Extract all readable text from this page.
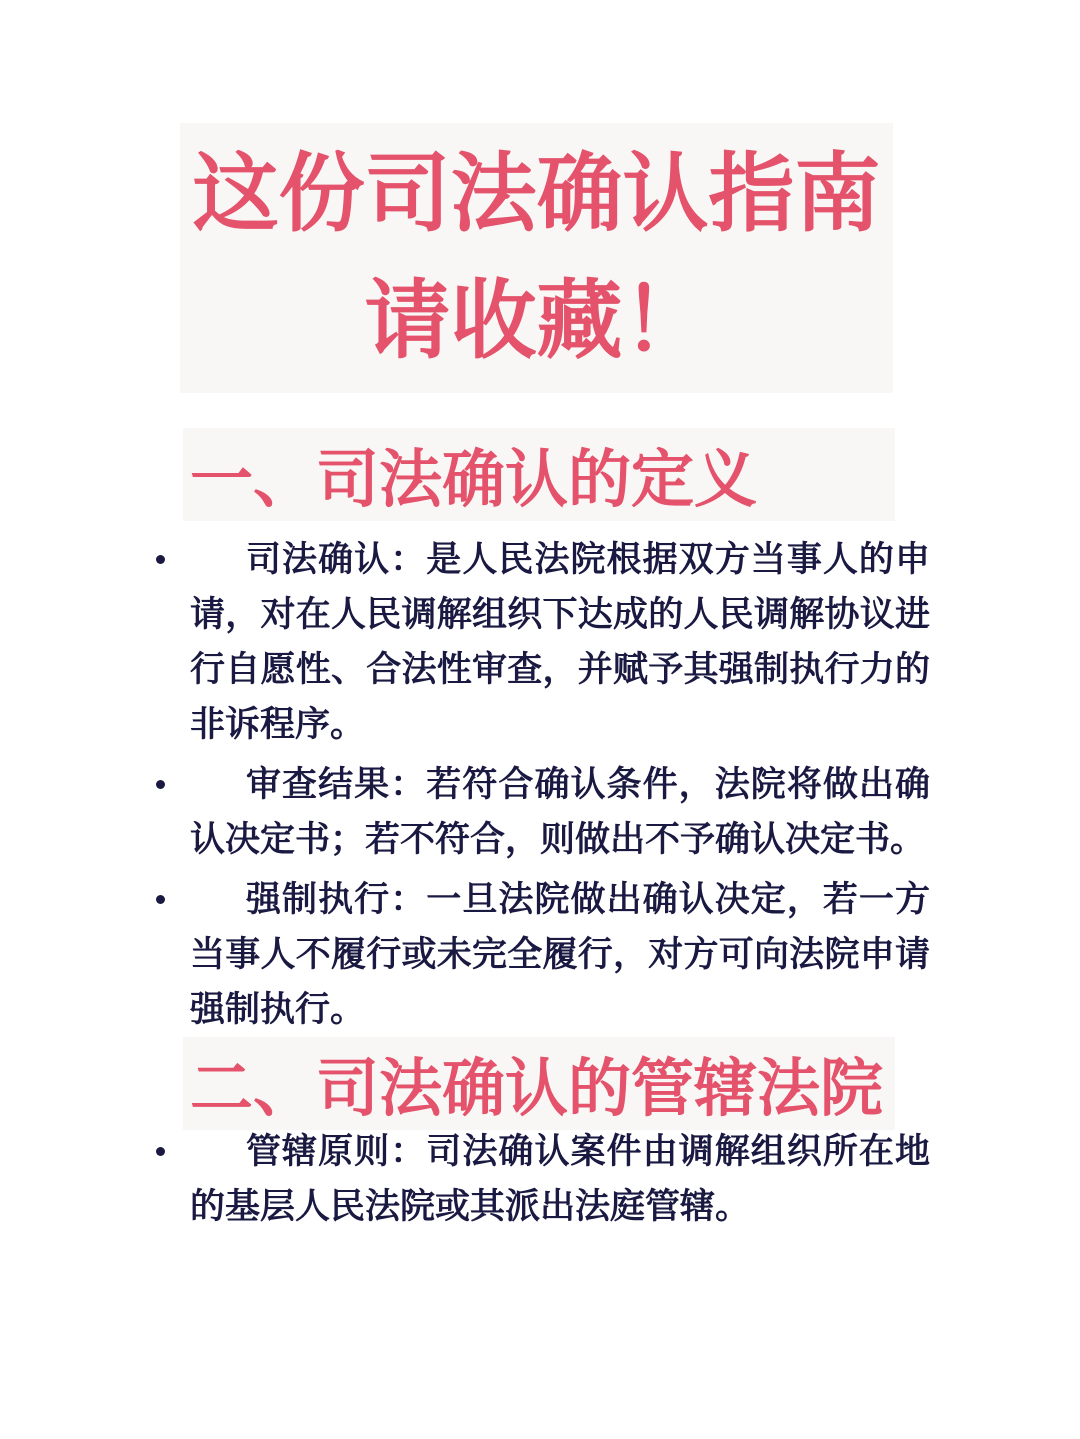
这份司法确认指南
请收藏！
一、司法确认的定义
司法确认：是人民法院根据双方当事人的申请，对在人民调解组织下达成的人民调解协议进行自愿性、合法性审查，并赋予其强制执行力的非诉程序。
审查结果：若符合确认条件，法院将做出确认决定书；若不符合，则做出不予确认决定书。
强制执行：一旦法院做出确认决定，若一方当事人不履行或未完全履行，对方可向法院申请强制执行。
二、司法确认的管辖法院
管辖原则：司法确认案件由调解组织所在地的基层人民法院或其派出法庭管辖。
